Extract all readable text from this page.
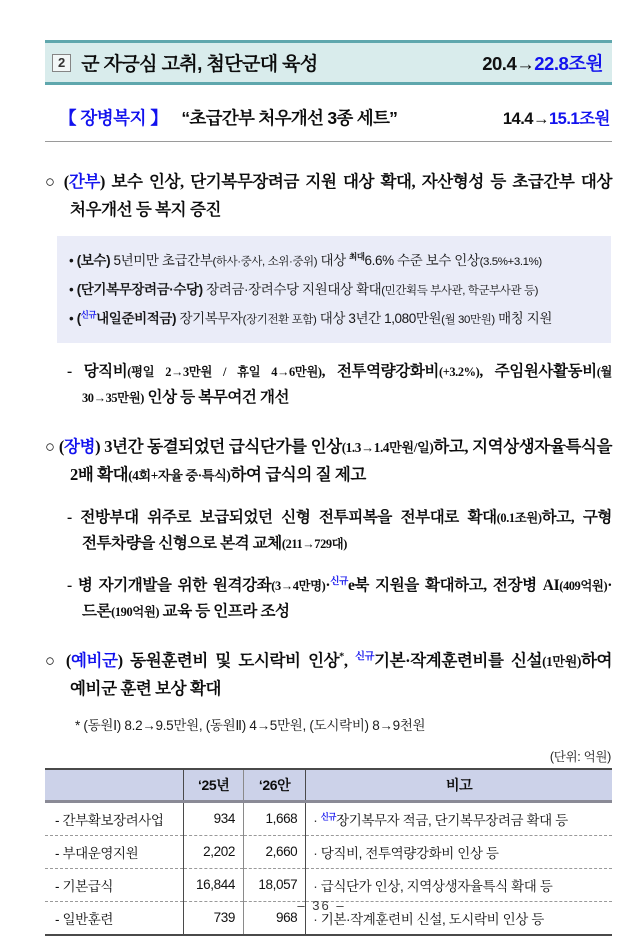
2 군 자긍심 고취, 첨단군대 육성	20.4→22.8조원
【 장병복지 】 “초급간부 처우개선 3종 세트”	14.4→15.1조원
○ (간부) 보수 인상, 단기복무장려금 지원 대상 확대, 자산형성 등 초급간부 대상 처우개선 등 복지 증진
• (보수) 5년미만 초급간부(하사·중사, 소위·중위) 대상 $^{최대}$6.6% 수준 보수 인상(3.5%+3.1%)
• (단기복무장려금·수당) 장려금·장려수당 지원대상 확대(민간획득 부사관, 학군부사관 등)
• ($^{신규}$내일준비적금) 장기복무자(장기전환 포함) 대상 3년간 1,080만원(월 30만원) 매칭 지원
- 당직비(평일 2→3만원 / 휴일 4→6만원), 전투역량강화비(+3.2%), 주임원사활동비(월 30→35만원) 인상 등 복무여건 개선
○ (장병) 3년간 동결되었던 급식단가를 인상(1.3→1.4만원/일)하고, 지역상생자율특식을 2배 확대(4회+자율 중·특식)하여 급식의 질 제고
- 전방부대 위주로 보급되었던 신형 전투피복을 전부대로 확대(0.1조원)하고, 구형 전투차량을 신형으로 본격 교체(211→729대)
- 병 자기개발을 위한 원격강좌(3→4만명)·$^{신규}$e북 지원을 확대하고, 전장병 AI(409억원)·드론(190억원) 교육 등 인프라 조성
○ (예비군) 동원훈련비 및 도시락비 인상*, $^{신규}$기본·작계훈련비를 신설(1만원)하여 예비군 훈련 보상 확대
* (동원Ⅰ) 8.2→9.5만원, (동원Ⅱ) 4→5만원, (도시락비) 8→9천원
(단위: 억원)
	‘25년	‘26안	비고
- 간부확보장려사업	934	1,668	· $^{신규}$장기복무자 적금, 단기복무장려금 확대 등
- 부대운영지원	2,202	2,660	· 당직비, 전투역량강화비 인상 등
- 기본급식	16,844	18,057	· 급식단가 인상, 지역상생자율특식 확대 등
- 일반훈련	739	968	· 기본·작계훈련비 신설, 도시락비 인상 등
– 36 –
